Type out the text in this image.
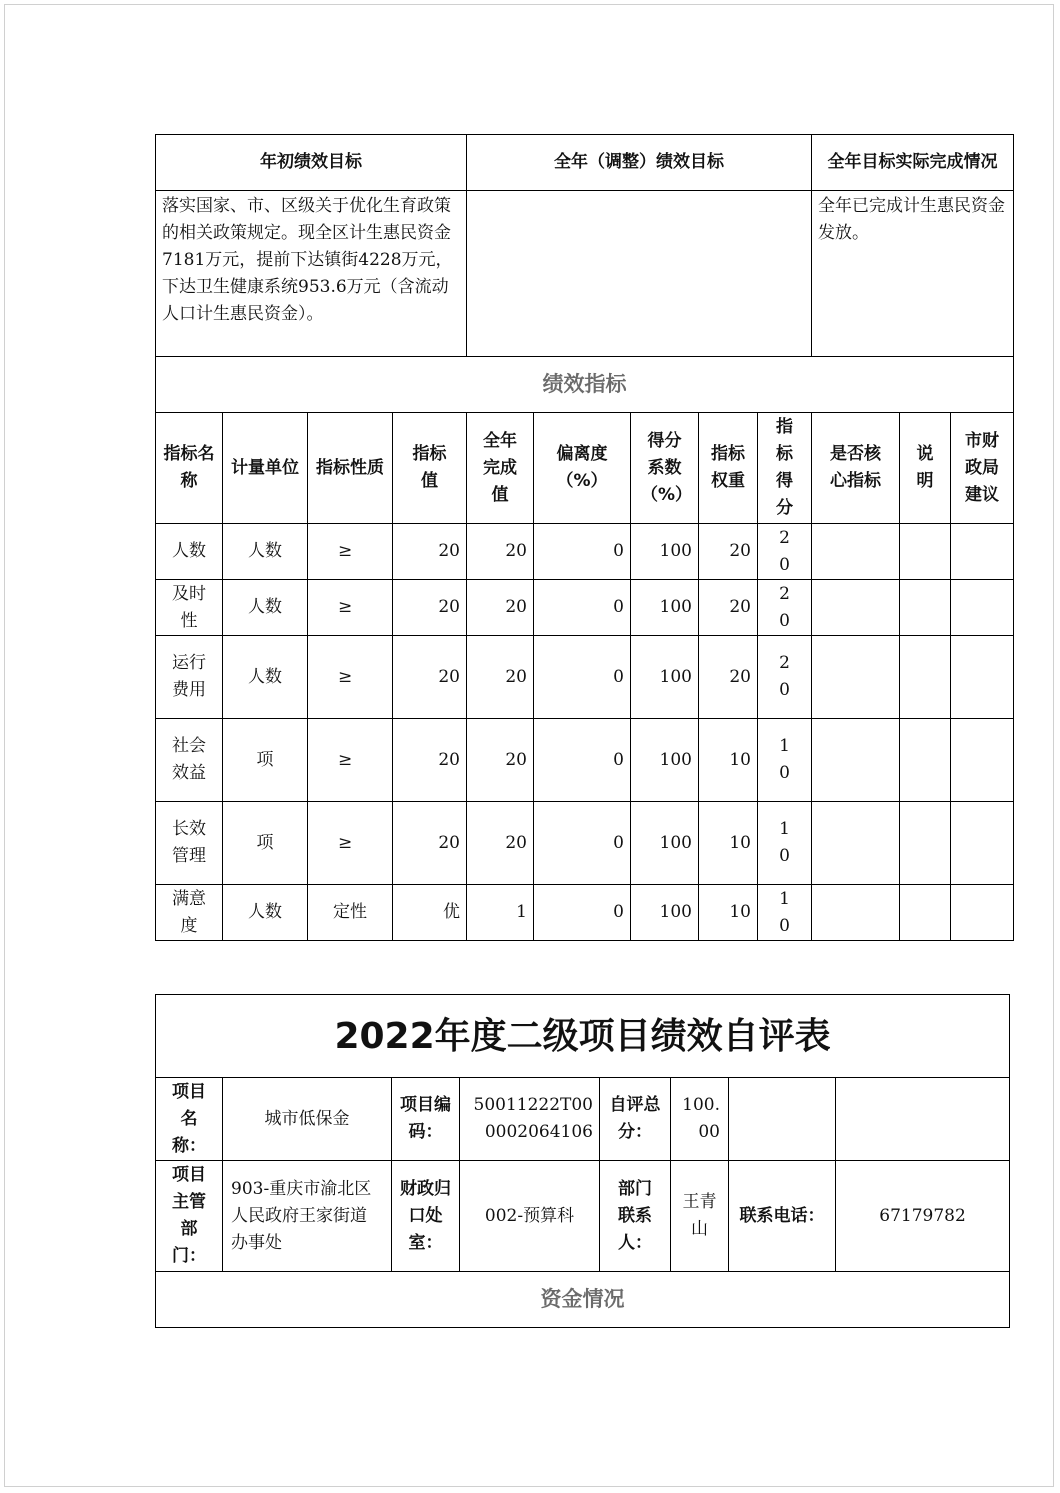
年初绩效目标				全年（调整）绩效目标					全年目标实际完成情况		
落实国家、市、区级关于优化生育政策的相关政策规定。现全区计生惠民资金7181万元，提前下达镇街4228万元，下达卫生健康系统953.6万元（含流动人口计生惠民资金）。									全年已完成计生惠民资金发放。		
绩效指标											
指标名称	计量单位	指标性质	指标值	全年完成值	偏离度（%）	得分系数（%）	指标权重	指标得分	是否核心指标	说明	市财政局建议
人数	人数	≥	20	20	0	100	20	20			
及时性	人数	≥	20	20	0	100	20	20			
运行费用	人数	≥	20	20	0	100	20	20			
社会效益	项	≥	20	20	0	100	10	10			
长效管理	项	≥	20	20	0	100	10	10			
满意度	人数	定性	优	1	0	100	10	10			
2022年度二级项目绩效自评表							
项目名称：	城市低保金	项目编码：	50011222T000002064106	自评总分：	100.00		
项目主管部门：	903-重庆市渝北区人民政府王家街道办事处	财政归口处室：	002-预算科	部门联系人：	王青山	联系电话：	67179782
资金情况							
